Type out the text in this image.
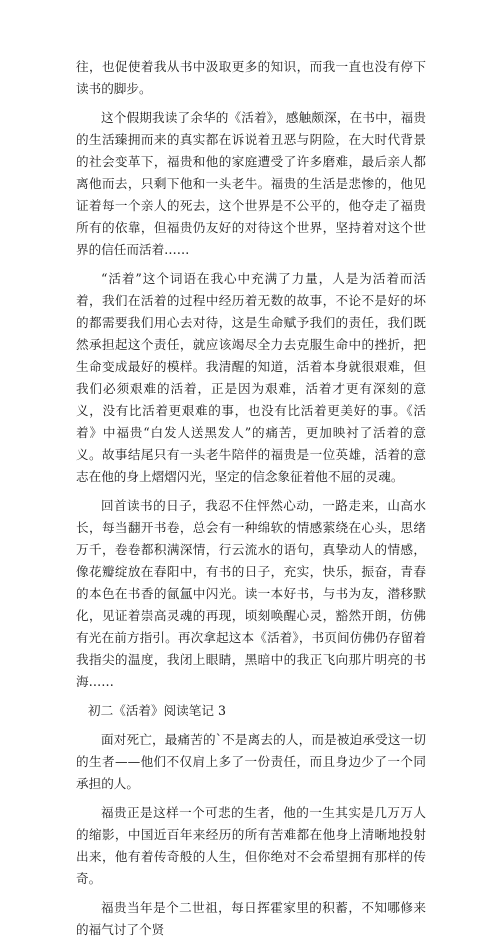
往，也促使着我从书中汲取更多的知识，而我一直也没有停下读书的脚步。

这个假期我读了余华的《活着》，感触颇深，在书中，福贵的生活臻拥而来的真实都在诉说着丑恶与阴险，在大时代背景的社会变革下，福贵和他的家庭遭受了许多磨难，最后亲人都离他而去，只剩下他和一头老牛。福贵的生活是悲惨的，他见证着每一个亲人的死去，这个世界是不公平的，他夺走了福贵所有的依靠，但福贵仍友好的对待这个世界，坚持着对这个世界的信任而活着……

“活着”这个词语在我心中充满了力量，人是为活着而活着，我们在活着的过程中经历着无数的故事，不论不是好的坏的都需要我们用心去对待，这是生命赋予我们的责任，我们既然承担起这个责任，就应该竭尽全力去克服生命中的挫折，把生命变成最好的模样。我清醒的知道，活着本身就很艰难，但我们必须艰难的活着，正是因为艰难，活着才更有深刻的意义，没有比活着更艰难的事，也没有比活着更美好的事。《活着》中福贵“白发人送黑发人”的痛苦，更加映衬了活着的意义。故事结尾只有一头老牛陪伴的福贵是一位英雄，活着的意志在他的身上熠熠闪光，坚定的信念象征着他不屈的灵魂。

回首读书的日子，我忍不住怦然心动，一路走来，山高水长，每当翻开书卷，总会有一种绵软的情感萦绕在心头，思绪万千，卷卷都积满深情，行云流水的语句，真挚动人的情感，像花瓣绽放在春阳中，有书的日子，充实，快乐，振奋，青春的本色在书香的氤氲中闪光。读一本好书，与书为友，潜移默化，见证着崇高灵魂的再现，顷刻唤醒心灵，豁然开朗，仿佛有光在前方指引。再次拿起这本《活着》，书页间仿佛仍存留着我指尖的温度，我闭上眼睛，黑暗中的我正飞向那片明亮的书海……

初二《活着》阅读笔记 3

面对死亡，最痛苦的`不是离去的人，而是被迫承受这一切的生者——他们不仅肩上多了一份责任，而且身边少了一个同承担的人。

福贵正是这样一个可悲的生者，他的一生其实是几万万人的缩影，中国近百年来经历的所有苦难都在他身上清晰地投射出来，他有着传奇般的人生，但你绝对不会希望拥有那样的传奇。

福贵当年是个二世祖，每日挥霍家里的积蓄，不知哪修来的福气讨了个贤
